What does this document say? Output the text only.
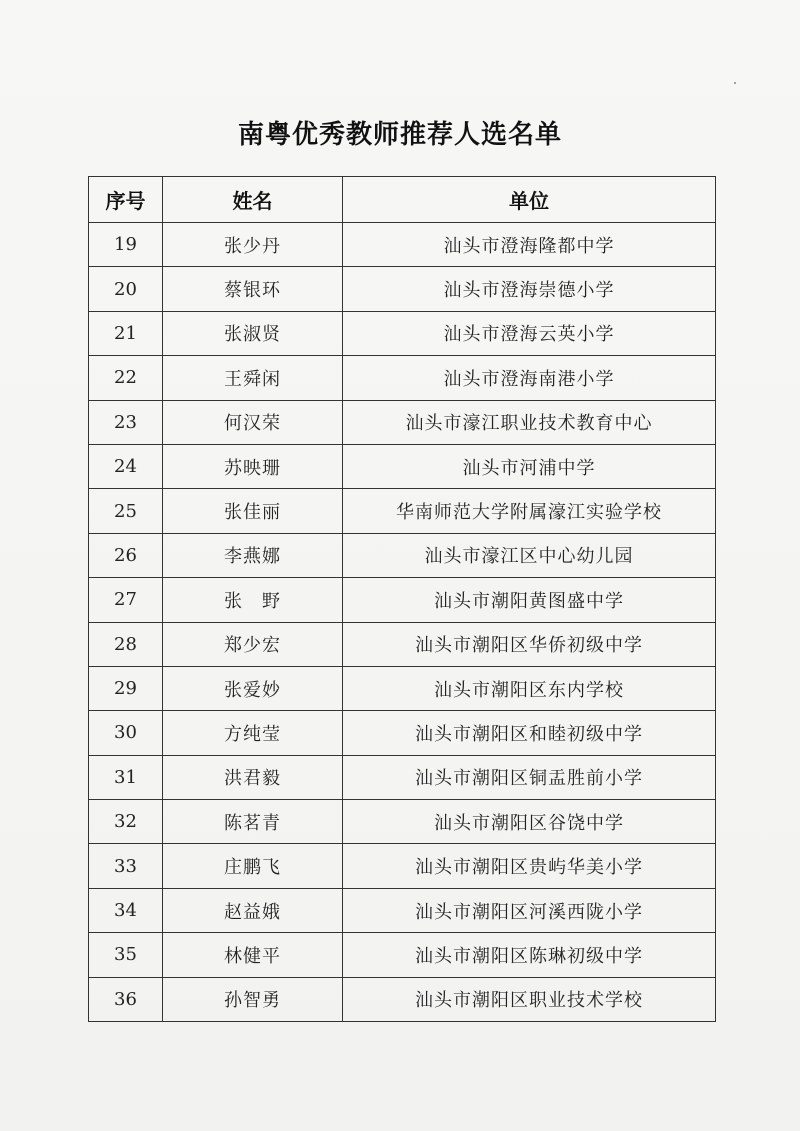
南粤优秀教师推荐人选名单
序号	姓名	单位
19	张少丹	汕头市澄海隆都中学
20	蔡银环	汕头市澄海崇德小学
21	张淑贤	汕头市澄海云英小学
22	王舜闲	汕头市澄海南港小学
23	何汉荣	汕头市濠江职业技术教育中心
24	苏映珊	汕头市河浦中学
25	张佳丽	华南师范大学附属濠江实验学校
26	李燕娜	汕头市濠江区中心幼儿园
27	张　野	汕头市潮阳黄图盛中学
28	郑少宏	汕头市潮阳区华侨初级中学
29	张爱妙	汕头市潮阳区东内学校
30	方纯莹	汕头市潮阳区和睦初级中学
31	洪君毅	汕头市潮阳区铜盂胜前小学
32	陈茗青	汕头市潮阳区谷饶中学
33	庄鹏飞	汕头市潮阳区贵屿华美小学
34	赵益娥	汕头市潮阳区河溪西陇小学
35	林健平	汕头市潮阳区陈琳初级中学
36	孙智勇	汕头市潮阳区职业技术学校
